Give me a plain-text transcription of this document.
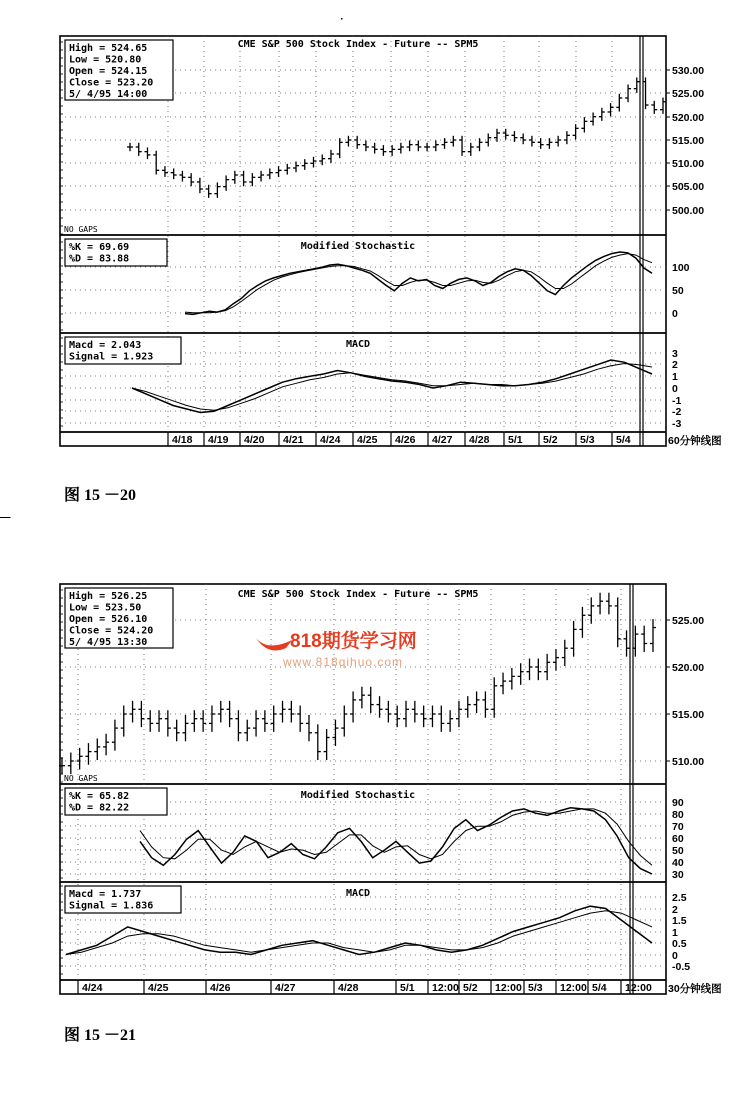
·
—
530.00
525.00
520.00
515.00
510.00
505.00
500.00
100
50
0
3
2
1
0
-1
-2
-3
4/18 4/19 4/20 4/21 4/24 4/25 4/26 4/27 4/28 5/1 5/2 5/3 5/4	60分钟线图
CME S&P 500 Stock Index - Future -- SPM5
High = 524.65
Low = 520.80
Open = 524.15
Close = 523.20
5/ 4/95 14:00
NO GAPS
Modified Stochastic
%K = 69.69
%D = 83.88
MACD
Macd = 2.043
Signal = 1.923
图 15 －20
525.00
520.00
515.00
510.00
90
80
70
60
50
40
30
2.5
2
1.5
1
0.5
0
-0.5
4/24	4/25	4/26	4/27	4/28	5/1 12:00 5/2 12:00 5/3 12:00 5/4 12:00 30分钟线图
CME S&P 500 Stock Index - Future -- SPM5
High = 526.25
Low = 523.50
Open = 526.10
Close = 524.20
5/ 4/95 13:30
NO GAPS
Modified Stochastic
%K = 65.82
%D = 82.22
MACD
Macd = 1.737
Signal = 1.836
图 15 －21
818期货学习网
www.818qihuo.com
